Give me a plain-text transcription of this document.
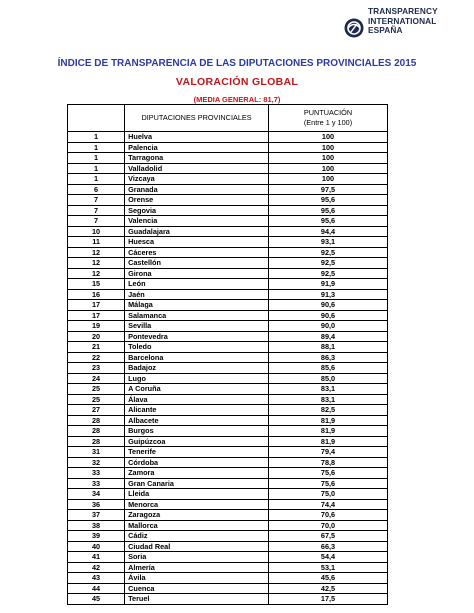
TRANSPARENCY
INTERNATIONAL
ESPAÑA
ÍNDICE DE TRANSPARENCIA DE LAS DIPUTACIONES PROVINCIALES 2015
VALORACIÓN GLOBAL
(MEDIA GENERAL: 81,7)
	DIPUTACIONES PROVINCIALES	PUNTUACIÓN
(Entre 1 y 100)
1	Huelva	100
1	Palencia	100
1	Tarragona	100
1	Valladolid	100
1	Vizcaya	100
6	Granada	97,5
7	Orense	95,6
7	Segovia	95,6
7	Valencia	95,6
10	Guadalajara	94,4
11	Huesca	93,1
12	Cáceres	92,5
12	Castellón	92,5
12	Girona	92,5
15	León	91,9
16	Jaén	91,3
17	Málaga	90,6
17	Salamanca	90,6
19	Sevilla	90,0
20	Pontevedra	89,4
21	Toledo	88,1
22	Barcelona	86,3
23	Badajoz	85,6
24	Lugo	85,0
25	A Coruña	83,1
25	Álava	83,1
27	Alicante	82,5
28	Albacete	81,9
28	Burgos	81,9
28	Guipúzcoa	81,9
31	Tenerife	79,4
32	Córdoba	78,8
33	Zamora	75,6
33	Gran Canaria	75,6
34	Lleida	75,0
36	Menorca	74,4
37	Zaragoza	70,6
38	Mallorca	70,0
39	Cádiz	67,5
40	Ciudad Real	66,3
41	Soria	54,4
42	Almería	53,1
43	Ávila	45,6
44	Cuenca	42,5
45	Teruel	17,5
